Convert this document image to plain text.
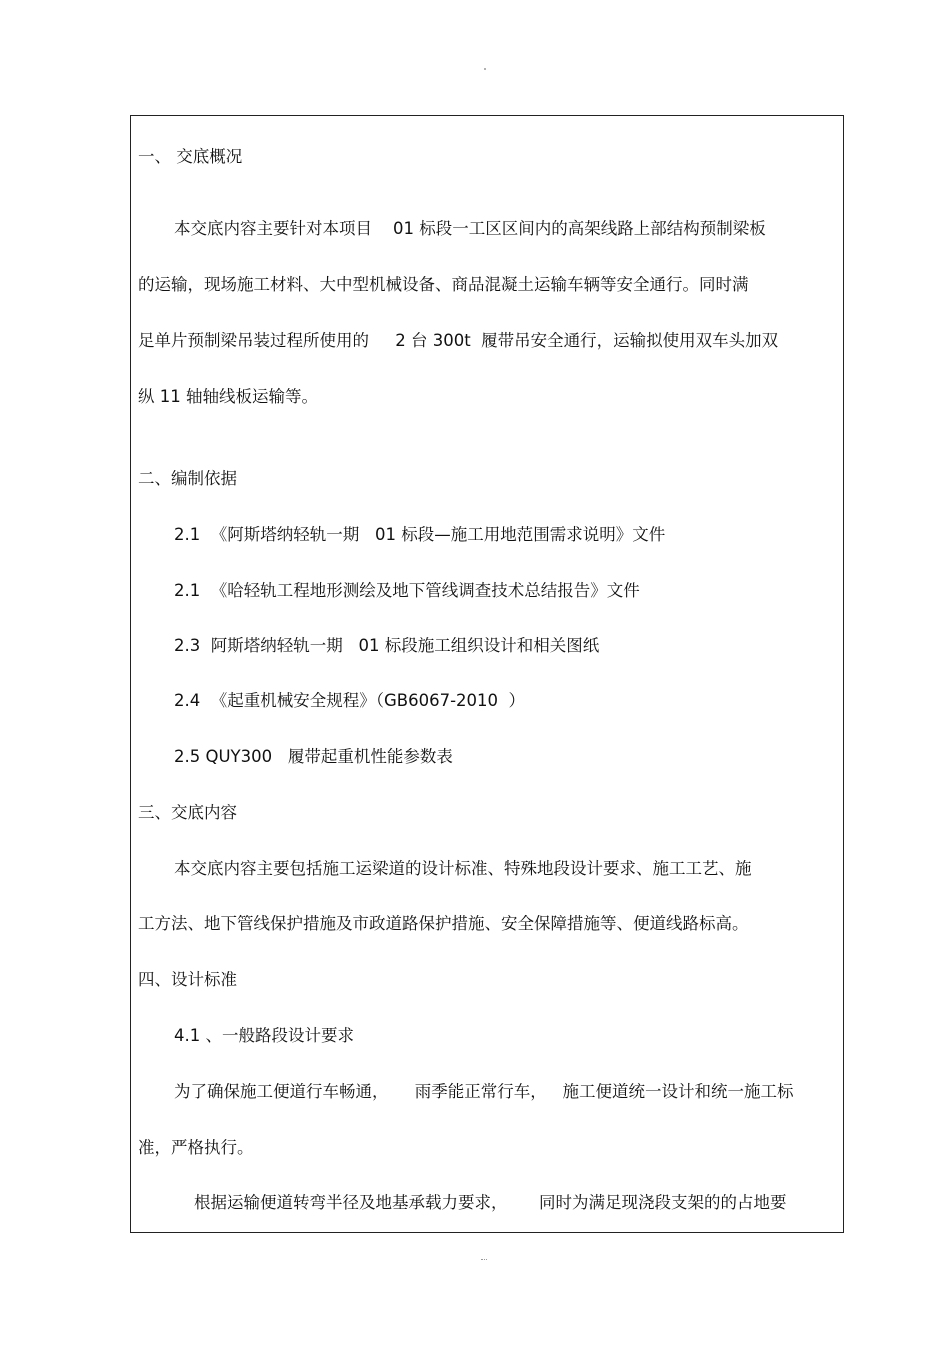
一、 交底概况
本交底内容主要针对本项目    01 标段一工区区间内的高架线路上部结构预制梁板
的运输，现场施工材料、大中型机械设备、商品混凝土运输车辆等安全通行。同时满
足单片预制梁吊装过程所使用的     2 台 300t  履带吊安全通行，运输拟使用双车头加双
纵 11 轴轴线板运输等。
二、编制依据
2.1  《阿斯塔纳轻轨一期   01 标段—施工用地范围需求说明》文件
2.1  《哈轻轨工程地形测绘及地下管线调查技术总结报告》文件
2.3  阿斯塔纳轻轨一期   01 标段施工组织设计和相关图纸
2.4  《起重机械安全规程》（GB6067-2010  ）
2.5 QUY300   履带起重机性能参数表
三、交底内容
本交底内容主要包括施工运梁道的设计标准、特殊地段设计要求、施工工艺、施
工方法、地下管线保护措施及市政道路保护措施、安全保障措施等、便道线路标高。
四、设计标准
4.1 、一般路段设计要求
为了确保施工便道行车畅通，     雨季能正常行车，   施工便道统一设计和统一施工标
准，严格执行。
根据运输便道转弯半径及地基承载力要求，      同时为满足现浇段支架的的占地要
